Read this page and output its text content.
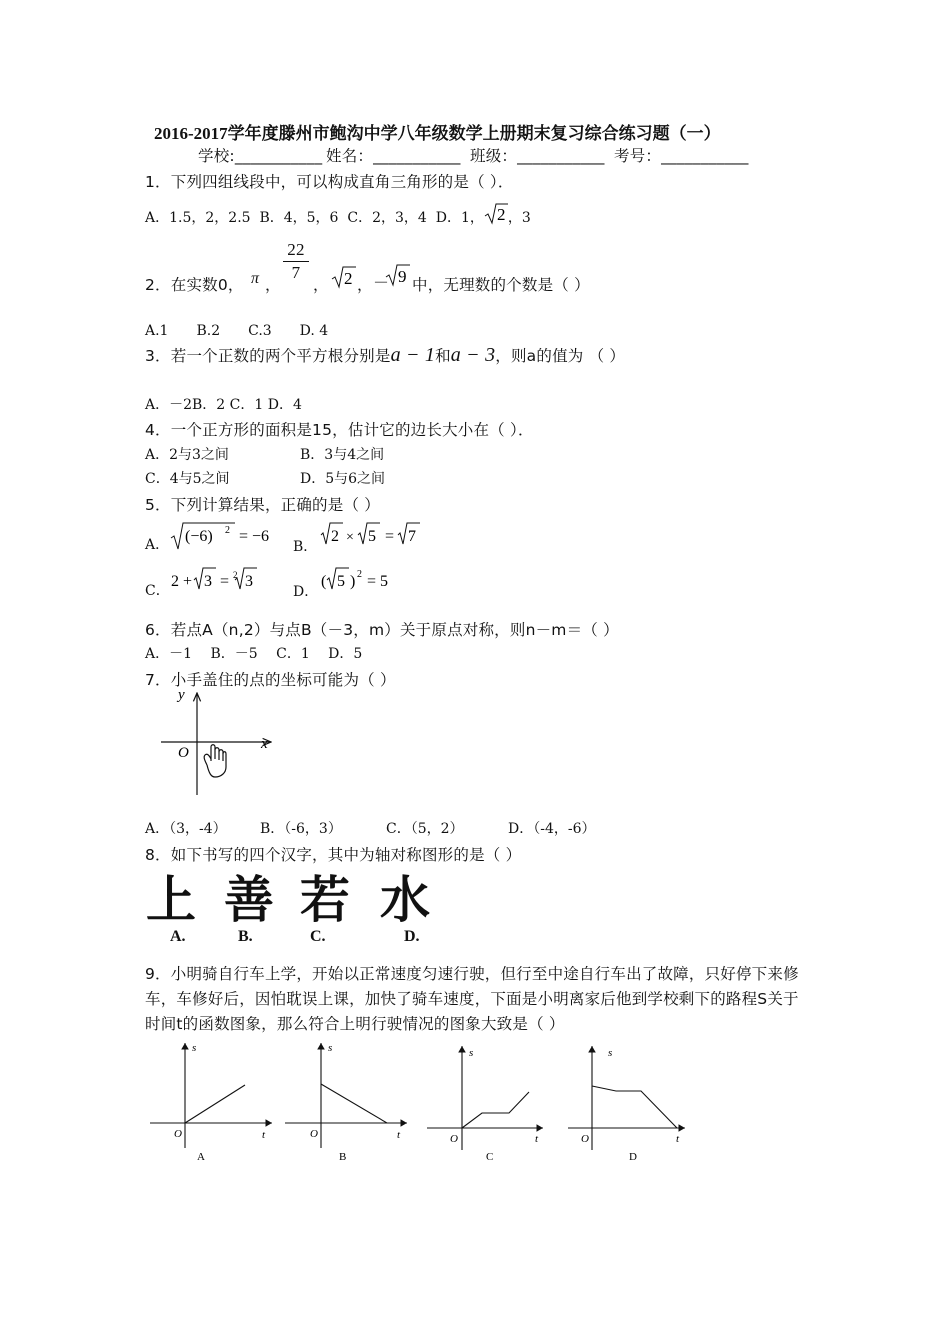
2016-2017学年度滕州市鲍沟中学八年级数学上册期末复习综合练习题（一）
学校:___________ 姓名：___________ 班级：___________ 考号：___________
1．下列四组线段中，可以构成直角三角形的是（ ）．
A．1.5，2，2.5 B．4，5，6 C．2，3，4 D．1， 2 ，3
2．在实数0， π ，
22
7
， 2 ， － 9 中，无理数的个数是（ ）
A.1　　B.2　　C.3　　D. 4
3．若一个正数的两个平方根分别是a − 1和a − 3，则a的值为 （ ）
A．－2B．2 C．1 D．4
4．一个正方形的面积是15，估计它的边长大小在（ ）．
A．2与3之间	B．3与4之间
C．4与5之间	D．5与6之间
5．下列计算结果，正确的是（ ）
A． (−6) 2 = −6
B．
2 × 5 = 7
C．
2 + 3 = 2 3
D．
( 5 ) 2 = 5
6．若点A（n,2）与点B（－3，m）关于原点对称，则n－m＝（ ）
A．－1　 B．－5　 C．1　 D．5
7．小手盖住的点的坐标可能为（ ）
y
x
O
A．（3，-4） B．（-6，3）	C．（5，2）	D．（-4，-6）
8．如下书写的四个汉字，其中为轴对称图形的是（ ）
上 善 若 水
A.	B.	C.	D.
9．小明骑自行车上学，开始以正常速度匀速行驶，但行至中途自行车出了故障，只好停下来修车，车修好后，因怕耽误上课，加快了骑车速度，下面是小明离家后他到学校剩下的路程S关于时间t的函数图象，那么符合上明行驶情况的图象大致是（ ）
s
t
O
A
s
t
O
B
s
t
O
C
s
t
O
D
